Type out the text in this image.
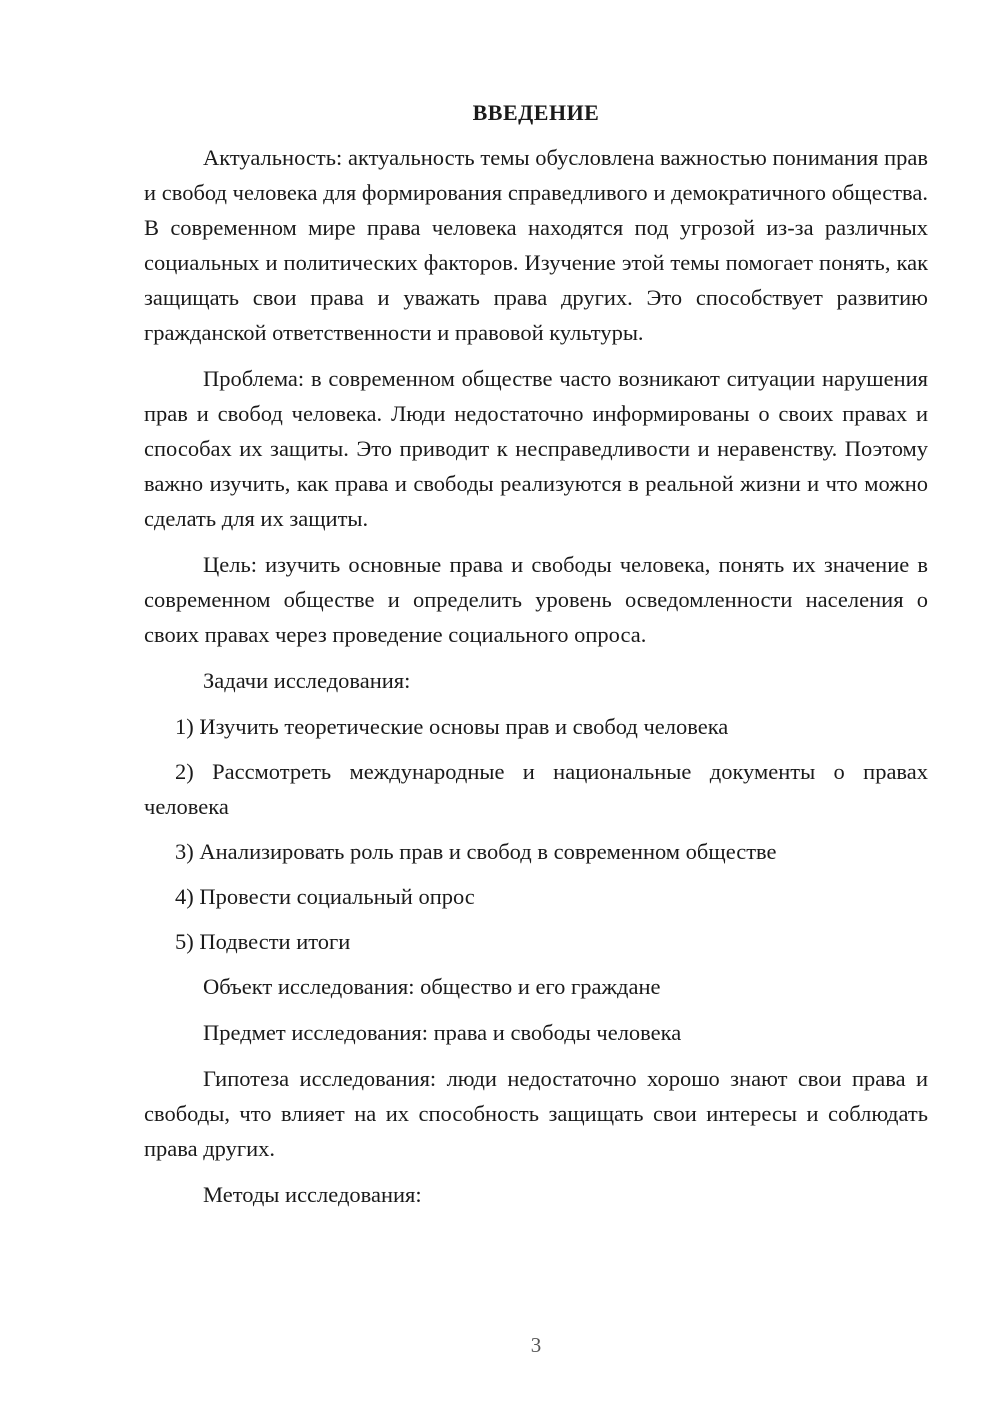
ВВЕДЕНИЕ

Актуальность: актуальность темы обусловлена важностью понимания прав и свобод человека для формирования справедливого и демократичного общества. В современном мире права человека находятся под угрозой из-за различных социальных и политических факторов. Изучение этой темы помогает понять, как защищать свои права и уважать права других. Это способствует развитию гражданской ответственности и правовой культуры.

Проблема: в современном обществе часто возникают ситуации нарушения прав и свобод человека. Люди недостаточно информированы о своих правах и способах их защиты. Это приводит к несправедливости и неравенству. Поэтому важно изучить, как права и свободы реализуются в реальной жизни и что можно сделать для их защиты.

Цель: изучить основные права и свободы человека, понять их значение в современном обществе и определить уровень осведомленности населения о своих правах через проведение социального опроса.

Задачи исследования:

1) Изучить теоретические основы прав и свобод человека

2) Рассмотреть международные и национальные документы о правах человека

3) Анализировать роль прав и свобод в современном обществе

4) Провести социальный опрос

5) Подвести итоги

Объект исследования: общество и его граждане

Предмет исследования: права и свободы человека

Гипотеза исследования: люди недостаточно хорошо знают свои права и свободы, что влияет на их способность защищать свои интересы и соблюдать права других.

Методы исследования:

3
